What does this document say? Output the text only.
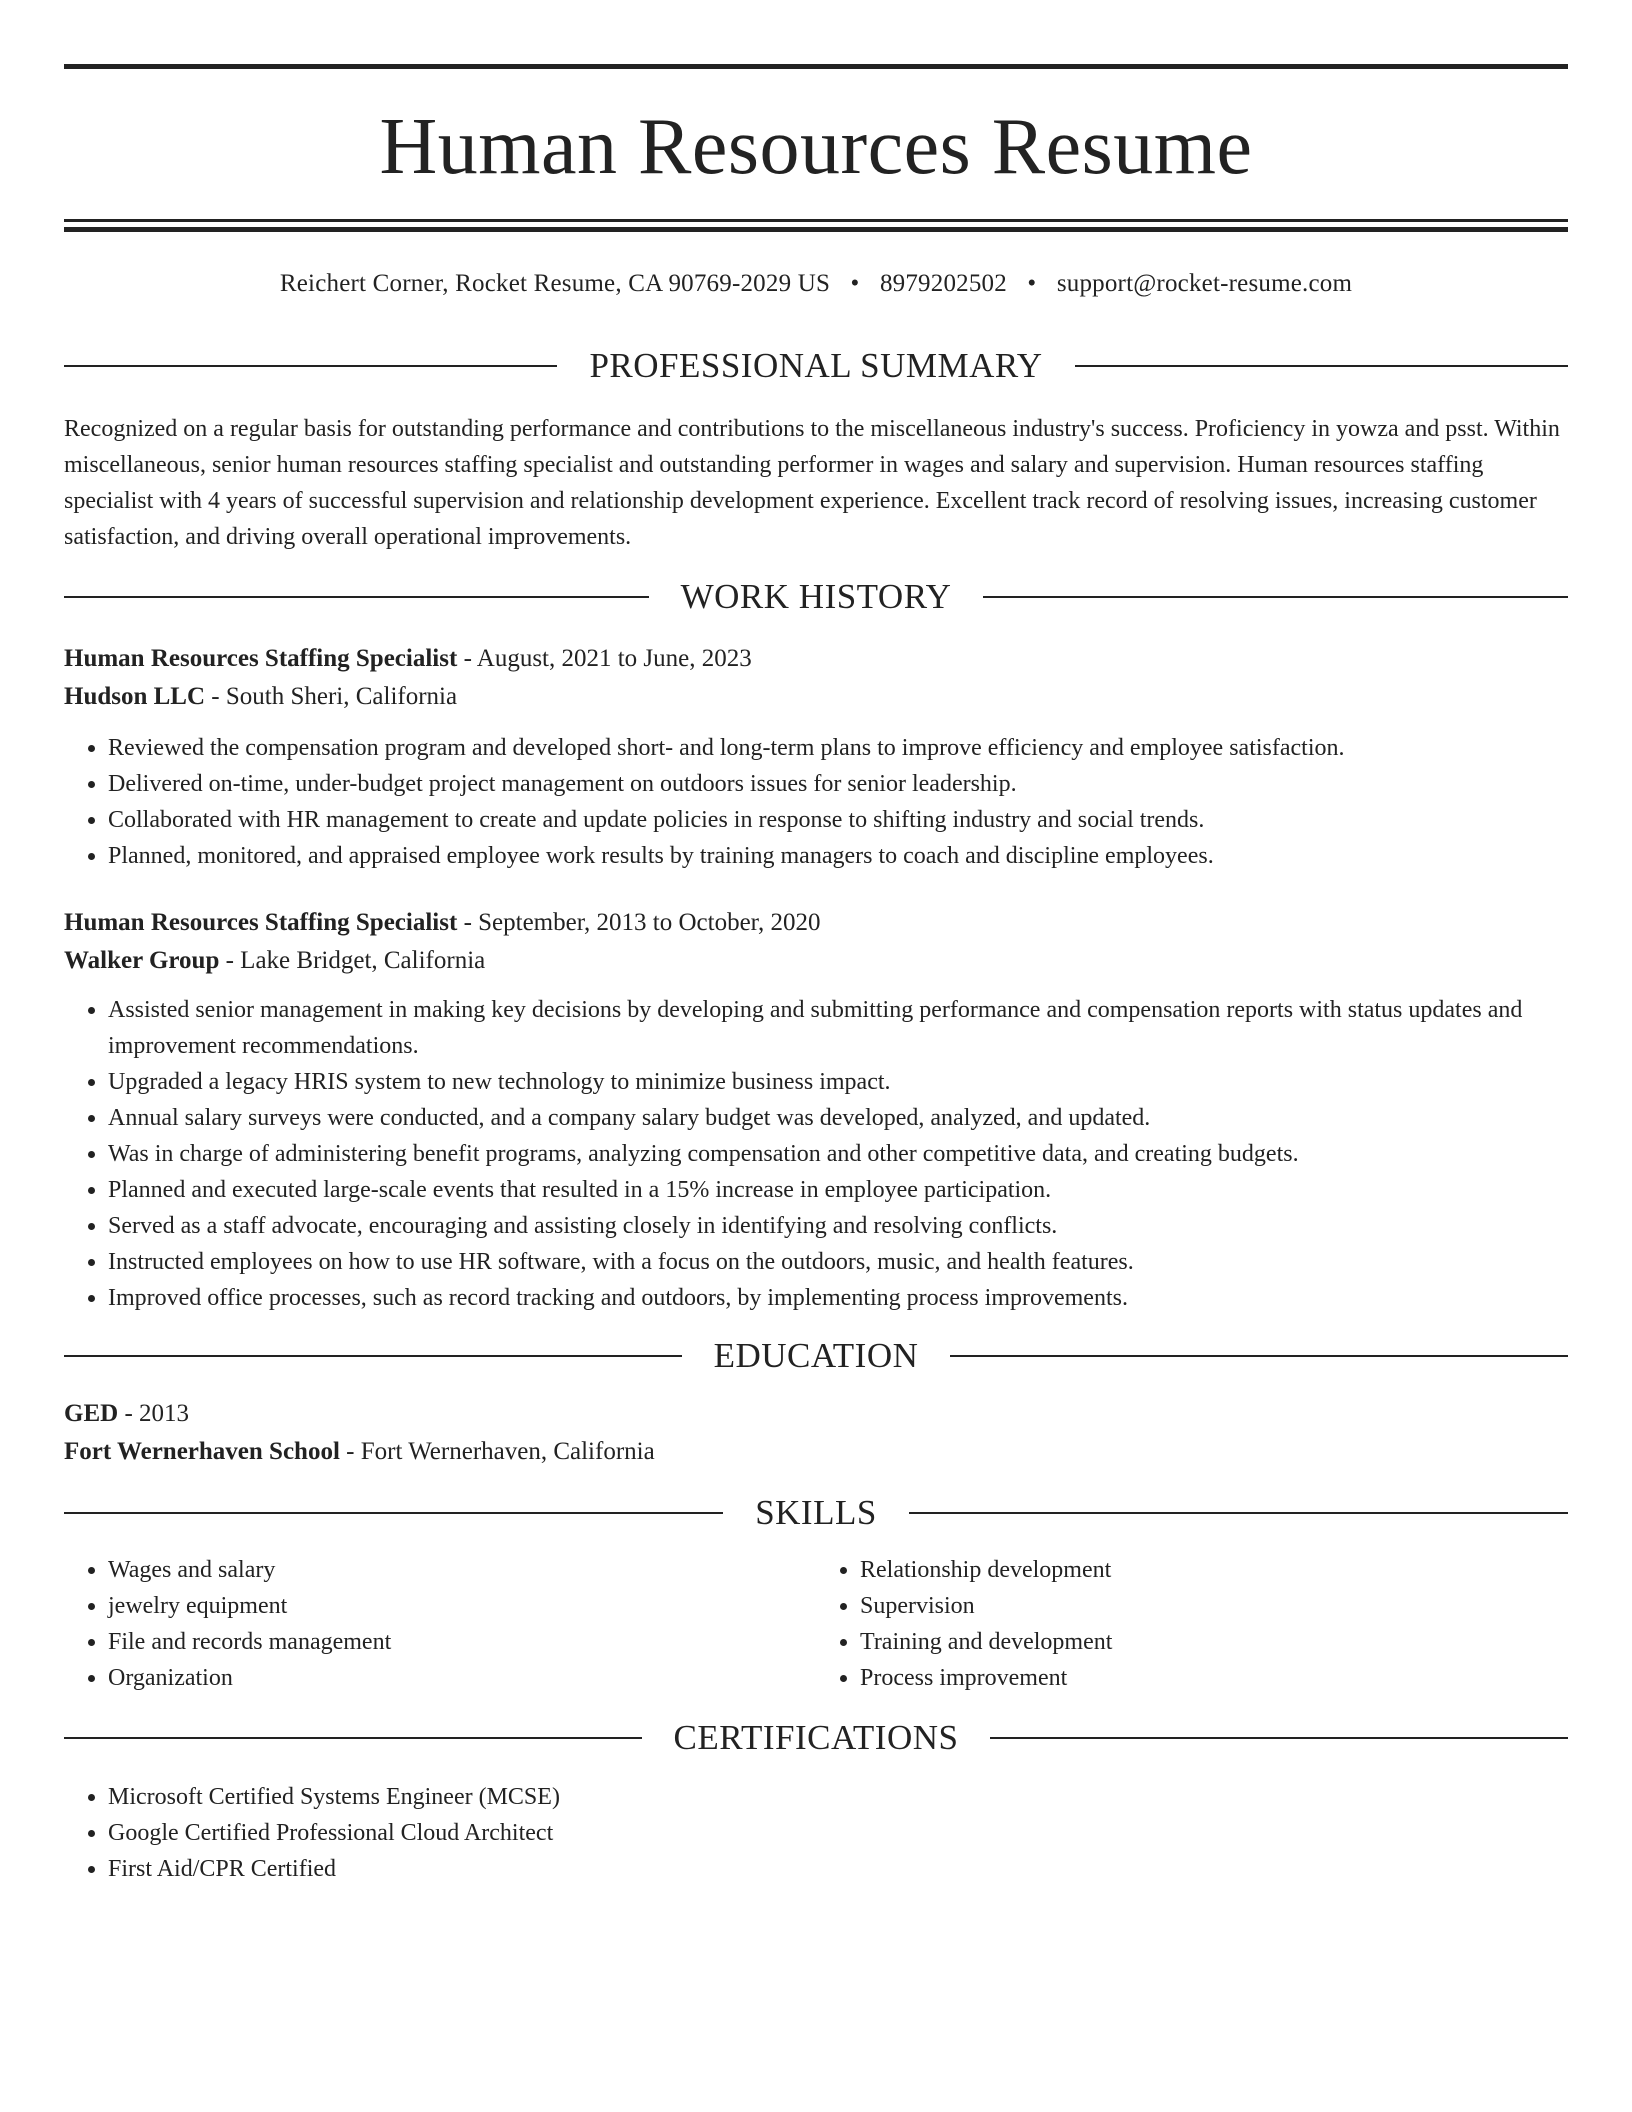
Human Resources Resume
Reichert Corner, Rocket Resume, CA 90769-2029 US • 8979202502 • support@rocket-resume.com
PROFESSIONAL SUMMARY

Recognized on a regular basis for outstanding performance and contributions to the miscellaneous industry's success. Proficiency in yowza and psst. Within miscellaneous, senior human resources staffing specialist and outstanding performer in wages and salary and supervision. Human resources staffing specialist with 4 years of successful supervision and relationship development experience. Excellent track record of resolving issues, increasing customer satisfaction, and driving overall operational improvements.

WORK HISTORY

Human Resources Staffing Specialist - August, 2021 to June, 2023

Hudson LLC - South Sheri, California

• Reviewed the compensation program and developed short- and long-term plans to improve efficiency and employee satisfaction.
• Delivered on-time, under-budget project management on outdoors issues for senior leadership.
• Collaborated with HR management to create and update policies in response to shifting industry and social trends.
• Planned, monitored, and appraised employee work results by training managers to coach and discipline employees.

Human Resources Staffing Specialist - September, 2013 to October, 2020

Walker Group - Lake Bridget, California

• Assisted senior management in making key decisions by developing and submitting performance and compensation reports with status updates and improvement recommendations.
• Upgraded a legacy HRIS system to new technology to minimize business impact.
• Annual salary surveys were conducted, and a company salary budget was developed, analyzed, and updated.
• Was in charge of administering benefit programs, analyzing compensation and other competitive data, and creating budgets.
• Planned and executed large-scale events that resulted in a 15% increase in employee participation.
• Served as a staff advocate, encouraging and assisting closely in identifying and resolving conflicts.
• Instructed employees on how to use HR software, with a focus on the outdoors, music, and health features.
• Improved office processes, such as record tracking and outdoors, by implementing process improvements.
EDUCATION

GED - 2013

Fort Wernerhaven School - Fort Wernerhaven, California

SKILLS
• Wages and salary
• jewelry equipment
• File and records management
• Organization
• Relationship development
• Supervision
• Training and development
• Process improvement
CERTIFICATIONS
• Microsoft Certified Systems Engineer (MCSE)
• Google Certified Professional Cloud Architect
• First Aid/CPR Certified
